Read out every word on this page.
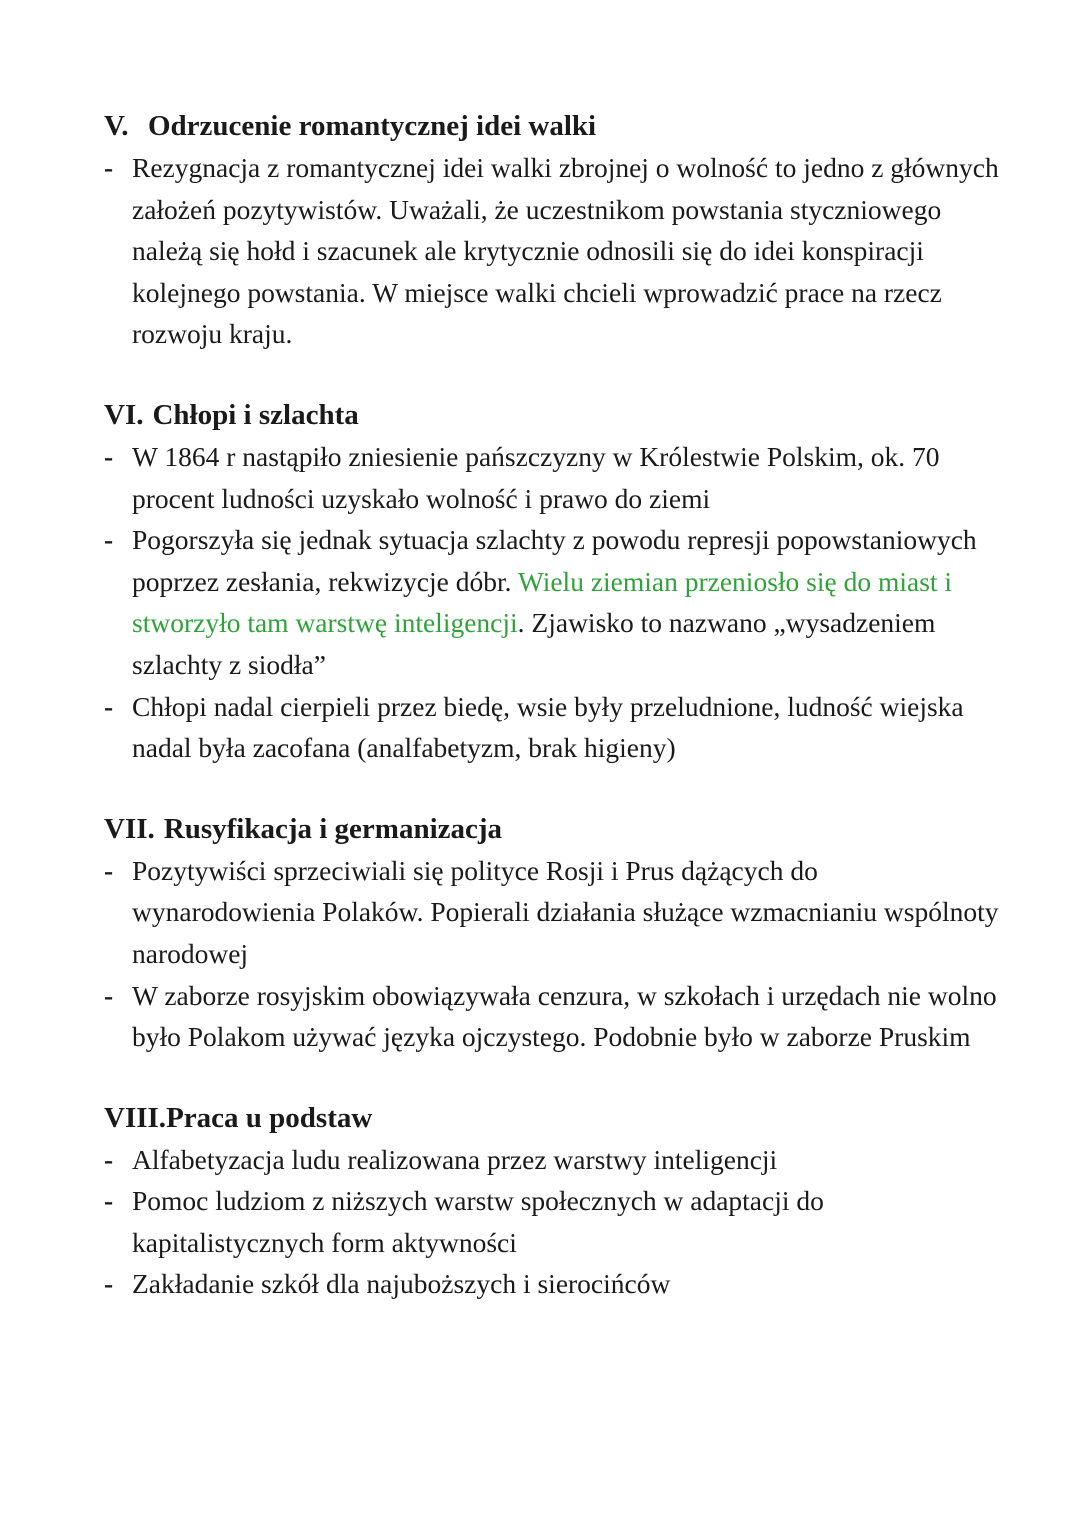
V. Odrzucenie romantycznej idei walki
- Rezygnacja z romantycznej idei walki zbrojnej o wolność to jedno z głównych założeń pozytywistów. Uważali, że uczestnikom powstania styczniowego należą się hołd i szacunek ale krytycznie odnosili się do idei konspiracji kolejnego powstania. W miejsce walki chcieli wprowadzić prace na rzecz rozwoju kraju.
VI. Chłopi i szlachta
- W 1864 r nastąpiło zniesienie pańszczyzny w Królestwie Polskim, ok. 70 procent ludności uzyskało wolność i prawo do ziemi
- Pogorszyła się jednak sytuacja szlachty z powodu represji popowstaniowych poprzez zesłania, rekwizycje dóbr. Wielu ziemian przeniosło się do miast i stworzyło tam warstwę inteligencji. Zjawisko to nazwano „wysadzeniem szlachty z siodła”
- Chłopi nadal cierpieli przez biedę, wsie były przeludnione, ludność wiejska nadal była zacofana (analfabetyzm, brak higieny)
VII. Rusyfikacja i germanizacja
- Pozytywiści sprzeciwiali się polityce Rosji i Prus dążących do wynarodowienia Polaków. Popierali działania służące wzmacnianiu wspólnoty narodowej
- W zaborze rosyjskim obowiązywała cenzura, w szkołach i urzędach nie wolno było Polakom używać języka ojczystego. Podobnie było w zaborze Pruskim
VIII.Praca u podstaw
- Alfabetyzacja ludu realizowana przez warstwy inteligencji
- Pomoc ludziom z niższych warstw społecznych w adaptacji do kapitalistycznych form aktywności
- Zakładanie szkół dla najuboższych i sierocińców
